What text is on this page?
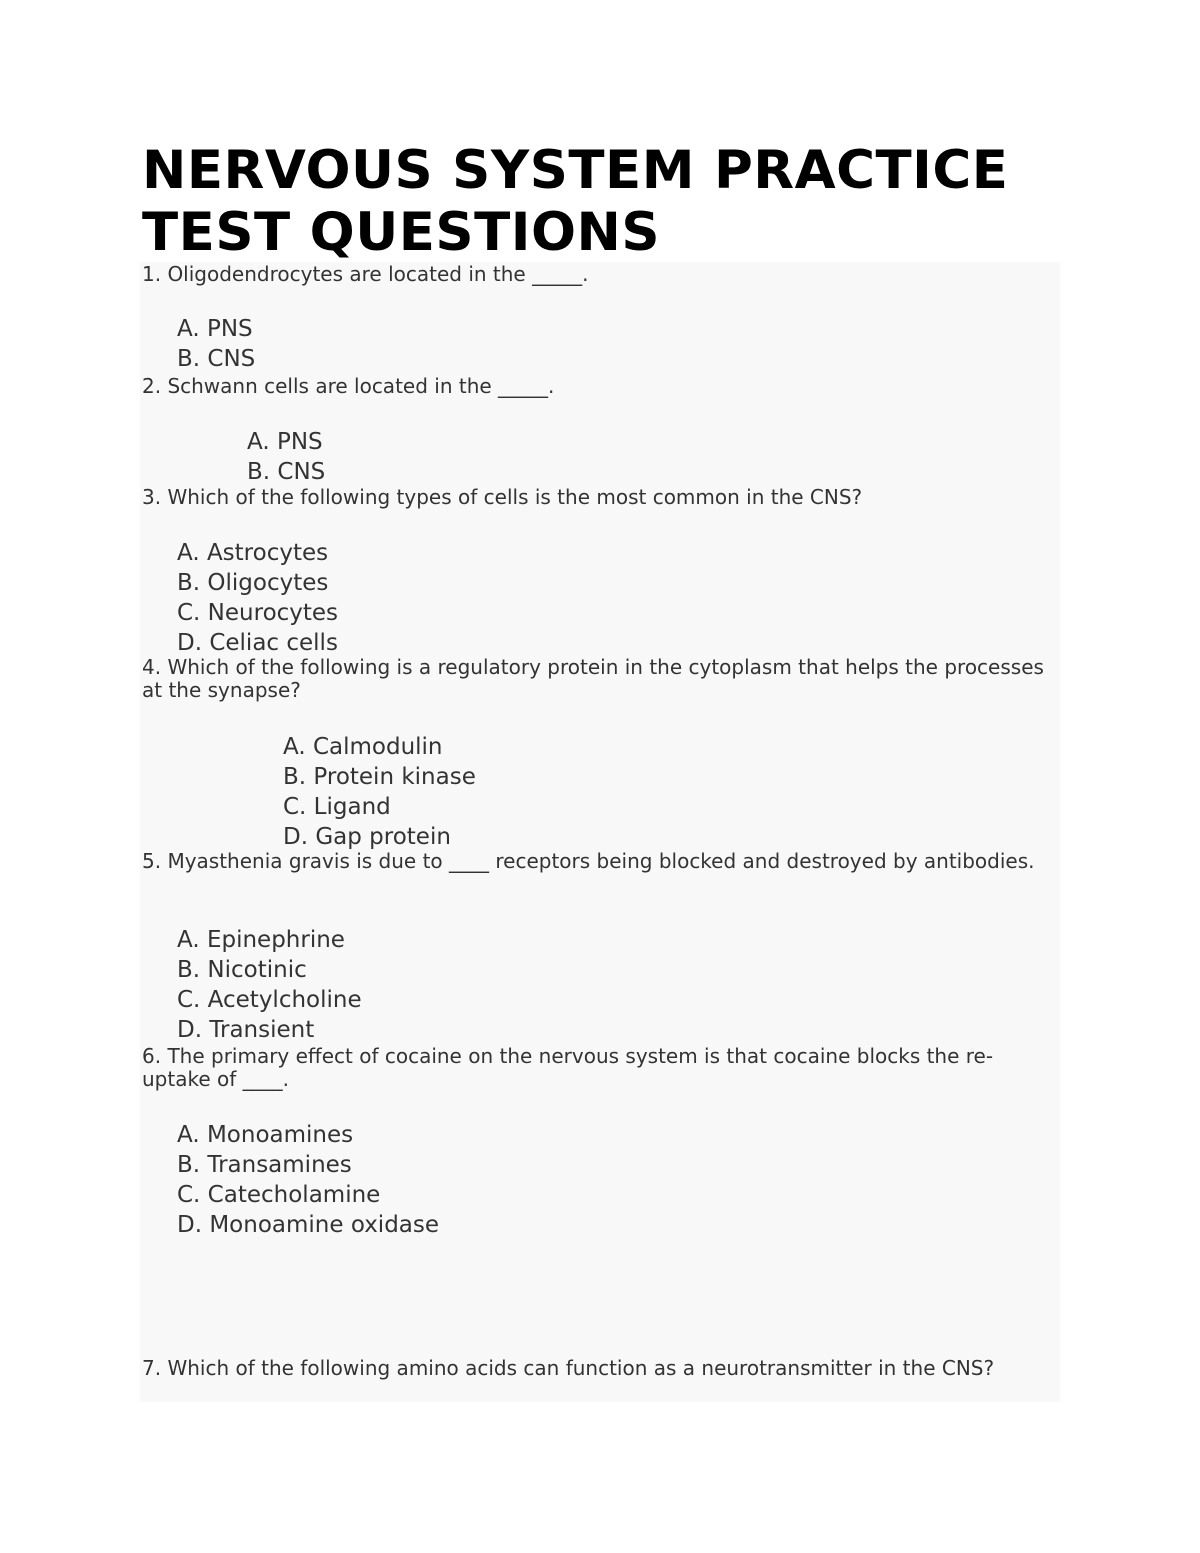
NERVOUS SYSTEM PRACTICE TEST QUESTIONS
1. Oligodendrocytes are located in the _____.
A. PNS
B. CNS
2. Schwann cells are located in the _____.
A. PNS
B. CNS
3. Which of the following types of cells is the most common in the CNS?
A. Astrocytes
B. Oligocytes
C. Neurocytes
D. Celiac cells
4. Which of the following is a regulatory protein in the cytoplasm that helps the processes at the synapse?
A. Calmodulin
B. Protein kinase
C. Ligand
D. Gap protein
5. Myasthenia gravis is due to ____ receptors being blocked and destroyed by antibodies.
A. Epinephrine
B. Nicotinic
C. Acetylcholine
D. Transient
6. The primary effect of cocaine on the nervous system is that cocaine blocks the re-uptake of ____.
A. Monoamines
B. Transamines
C. Catecholamine
D. Monoamine oxidase
7. Which of the following amino acids can function as a neurotransmitter in the CNS?
